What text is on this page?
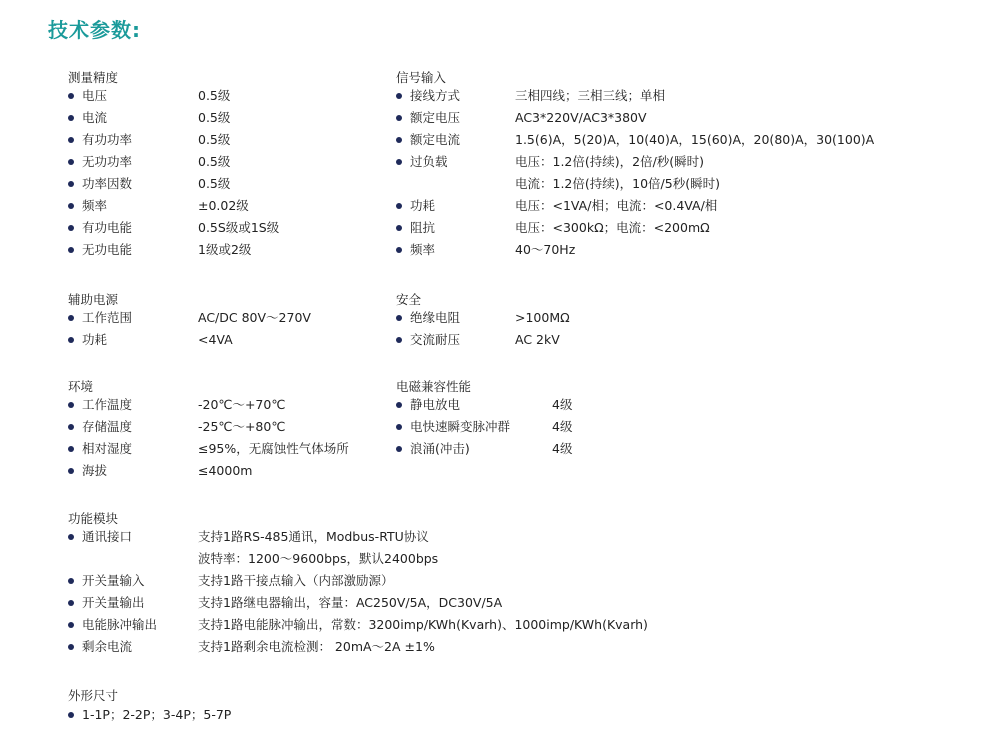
技术参数:
测量精度
电压	0.5级
电流	0.5级
有功功率	0.5级
无功功率	0.5级
功率因数	0.5级
频率	±0.02级
有功电能	0.5S级或1S级
无功电能	1级或2级
信号输入
接线方式	三相四线；三相三线；单相
额定电压	AC3*220V/AC3*380V
额定电流	1.5(6)A，5(20)A，10(40)A，15(60)A，20(80)A，30(100)A
过负载	电压：1.2倍(持续)，2倍/秒(瞬时)
电流：1.2倍(持续)，10倍/5秒(瞬时)
功耗	电压：<1VA/相；电流：<0.4VA/相
阻抗	电压：<300kΩ；电流：<200mΩ
频率	40～70Hz
辅助电源
工作范围	AC/DC 80V～270V
功耗	<4VA
安全
绝缘电阻	>100MΩ
交流耐压	AC 2kV
环境
工作温度	-20℃～+70℃
存储温度	-25℃～+80℃
相对湿度	≤95%，无腐蚀性气体场所
海拔	≤4000m
电磁兼容性能
静电放电	4级
电快速瞬变脉冲群	4级
浪涌(冲击)	4级
功能模块
通讯接口	支持1路RS-485通讯，Modbus-RTU协议
波特率：1200～9600bps，默认2400bps
开关量输入	支持1路干接点输入（内部激励源）
开关量输出	支持1路继电器输出，容量：AC250V/5A，DC30V/5A
电能脉冲输出	支持1路电能脉冲输出，常数：3200imp/KWh(Kvarh)、1000imp/KWh(Kvarh)
剩余电流	支持1路剩余电流检测： 20mA～2A ±1%
外形尺寸
1-1P；2-2P；3-4P；5-7P
